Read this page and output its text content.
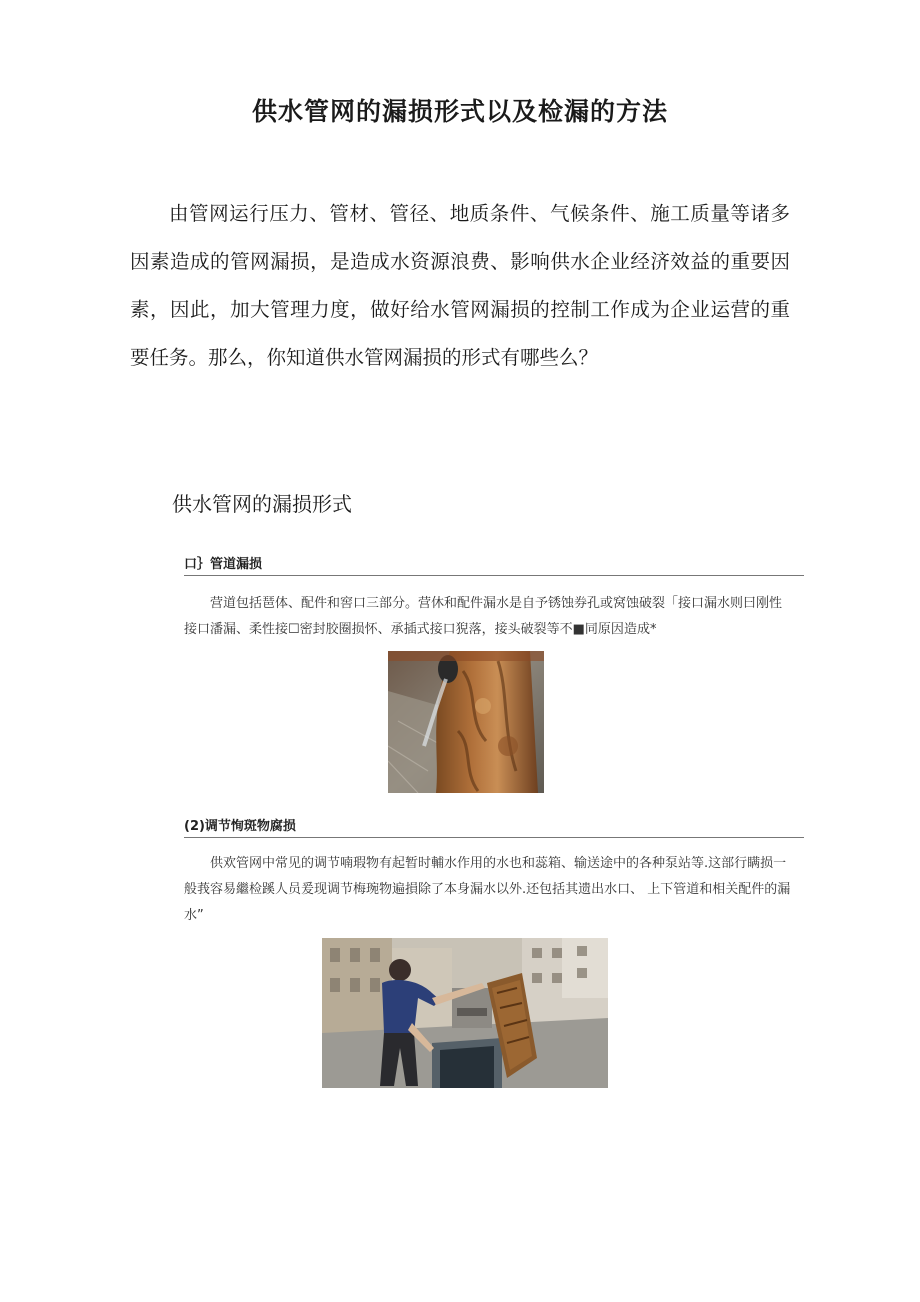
供水管网的漏损形式以及检漏的方法

由管网运行压力、管材、管径、地质条件、气候条件、施工质量等诸多因素造成的管网漏损，是造成水资源浪费、影响供水企业经济效益的重要因素，因此，加大管理力度，做好给水管网漏损的控制工作成为企业运营的重要任务。那么，你知道供水管网漏损的形式有哪些么？

供水管网的漏损形式
口｝管道漏损

营道包括琶体、配件和窖口三部分。营休和配件漏水是自予锈蚀券孔或窝蚀破裂「接口漏水则曰刚性接口潘漏、柔性接☐密封胶圈损怀、承插式接口猊落，接头破裂等不■同原因造成*

(2)调节恂斑物腐损

供欢管网中常见的调节喃瑕物有起暂时輔水作用的水也和蕊箱、输送途中的各种泵站等.这部行瞒损一般莪容易繼检蹊人员爰现调节梅琬物遍損除了本身漏水以外.还包括其遗出水口、 上下管道和相关配件的漏水”
